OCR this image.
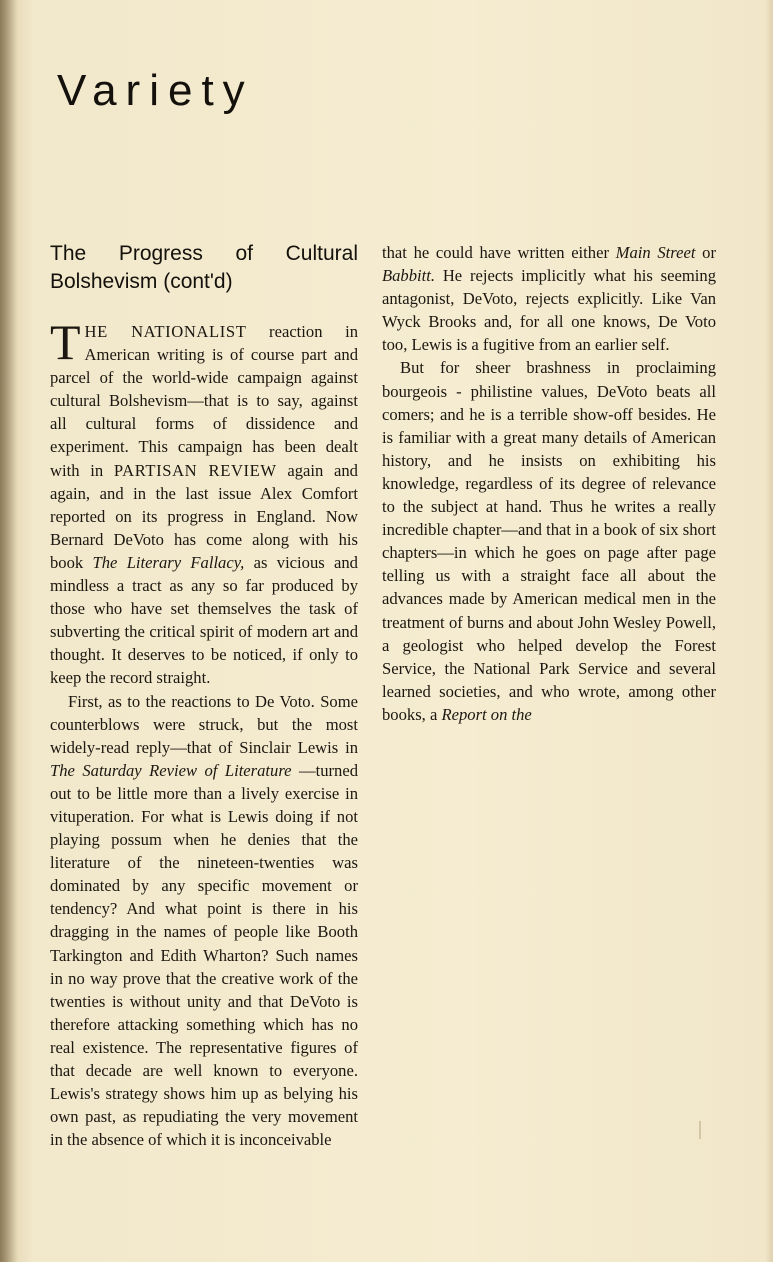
Variety
The Progress of Cultural Bolshevism (cont'd)

THE NATIONALIST reaction in American writing is of course part and parcel of the world-wide campaign against cultural Bolshevism—that is to say, against all cultural forms of dissidence and experiment. This campaign has been dealt with in PARTISAN REVIEW again and again, and in the last issue Alex Comfort reported on its progress in England. Now Bernard DeVoto has come along with his book The Literary Fallacy, as vicious and mindless a tract as any so far produced by those who have set themselves the task of subverting the critical spirit of modern art and thought. It deserves to be noticed, if only to keep the record straight.

First, as to the reactions to De Voto. Some counterblows were struck, but the most widely-read reply—that of Sinclair Lewis in The Saturday Review of Literature —turned out to be little more than a lively exercise in vituperation. For what is Lewis doing if not playing possum when he denies that the literature of the nineteen-twenties was dominated by any specific movement or tendency? And what point is there in his dragging in the names of people like Booth Tarkington and Edith Wharton? Such names in no way prove that the creative work of the twenties is without unity and that DeVoto is therefore attacking something which has no real existence. The representative figures of that decade are well known to everyone. Lewis's strategy shows him up as belying his own past, as repudiating the very movement in the absence of which it is inconceivable

that he could have written either Main Street or Babbitt. He rejects implicitly what his seeming antagonist, DeVoto, rejects explicitly. Like Van Wyck Brooks and, for all one knows, De Voto too, Lewis is a fugitive from an earlier self.

But for sheer brashness in proclaiming bourgeois - philistine values, DeVoto beats all comers; and he is a terrible show-off besides. He is familiar with a great many details of American history, and he insists on exhibiting his knowledge, regardless of its degree of relevance to the subject at hand. Thus he writes a really incredible chapter—and that in a book of six short chapters—in which he goes on page after page telling us with a straight face all about the advances made by American medical men in the treatment of burns and about John Wesley Powell, a geologist who helped develop the Forest Service, the National Park Service and several learned societies, and who wrote, among other books, a Report on the
